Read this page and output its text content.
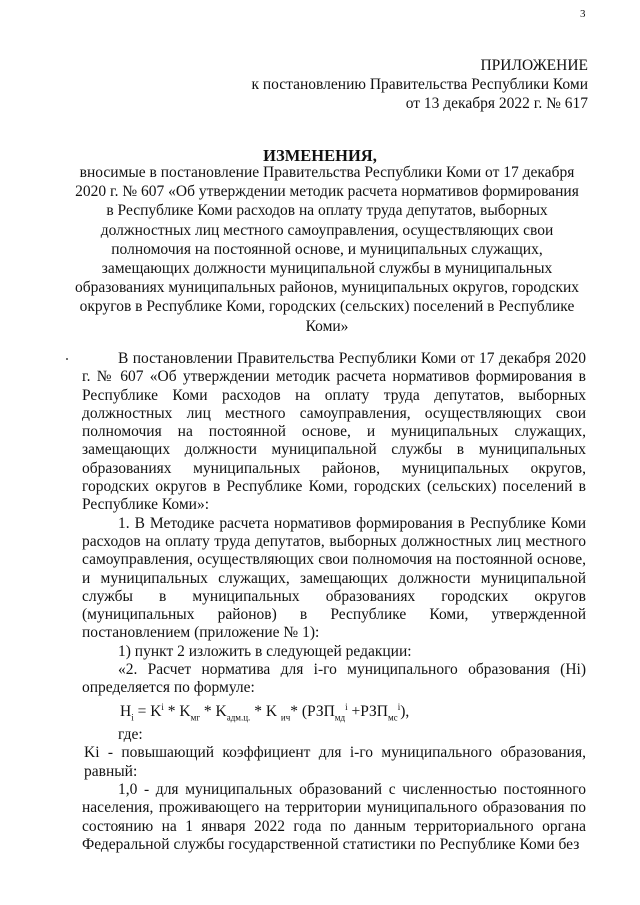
3
ПРИЛОЖЕНИЕ
к постановлению Правительства Республики Коми
от 13 декабря 2022 г. № 617
ИЗМЕНЕНИЯ,
вносимые в постановление Правительства Республики Коми от 17 декабря 2020 г. № 607 «Об утверждении методик расчета нормативов формирования в Республике Коми расходов на оплату труда депутатов, выборных должностных лиц местного самоуправления, осуществляющих свои полномочия на постоянной основе, и муниципальных служащих, замещающих должности муниципальной службы в муниципальных образованиях муниципальных районов, муниципальных округов, городских округов в Республике Коми, городских (сельских) поселений в Республике Коми»

В постановлении Правительства Республики Коми от 17 декабря 2020 г. № 607 «Об утверждении методик расчета нормативов формирования в Республике Коми расходов на оплату труда депутатов, выборных должностных лиц местного самоуправления, осуществляющих свои полномочия на постоянной основе, и муниципальных служащих, замещающих должности муниципальной службы в муниципальных образованиях муниципальных районов, муниципальных округов, городских округов в Республике Коми, городских (сельских) поселений в Республике Коми»:

1. В Методике расчета нормативов формирования в Республике Коми расходов на оплату труда депутатов, выборных должностных лиц местного самоуправления, осуществляющих свои полномочия на постоянной основе, и муниципальных служащих, замещающих должности муниципальной службы в муниципальных образованиях городских округов (муниципальных районов) в Республике Коми, утвержденной постановлением (приложение № 1):

1) пункт 2 изложить в следующей редакции:

«2. Расчет норматива для i-го муниципального образования (Hi) определяется по формуле:

$H_i = K^i * K_{мг} * K_{адм.ц.} * K$ $_{ич}$* $(РЗП_{мд}^i +РЗП_{мс}^i)$,

где:

Ki - повышающий коэффициент для i-го муниципального образования, равный:

1,0 - для муниципальных образований с численностью постоянного населения, проживающего на территории муниципального образования по состоянию на 1 января 2022 года по данным территориального органа Федеральной службы государственной статистики по Республике Коми без
